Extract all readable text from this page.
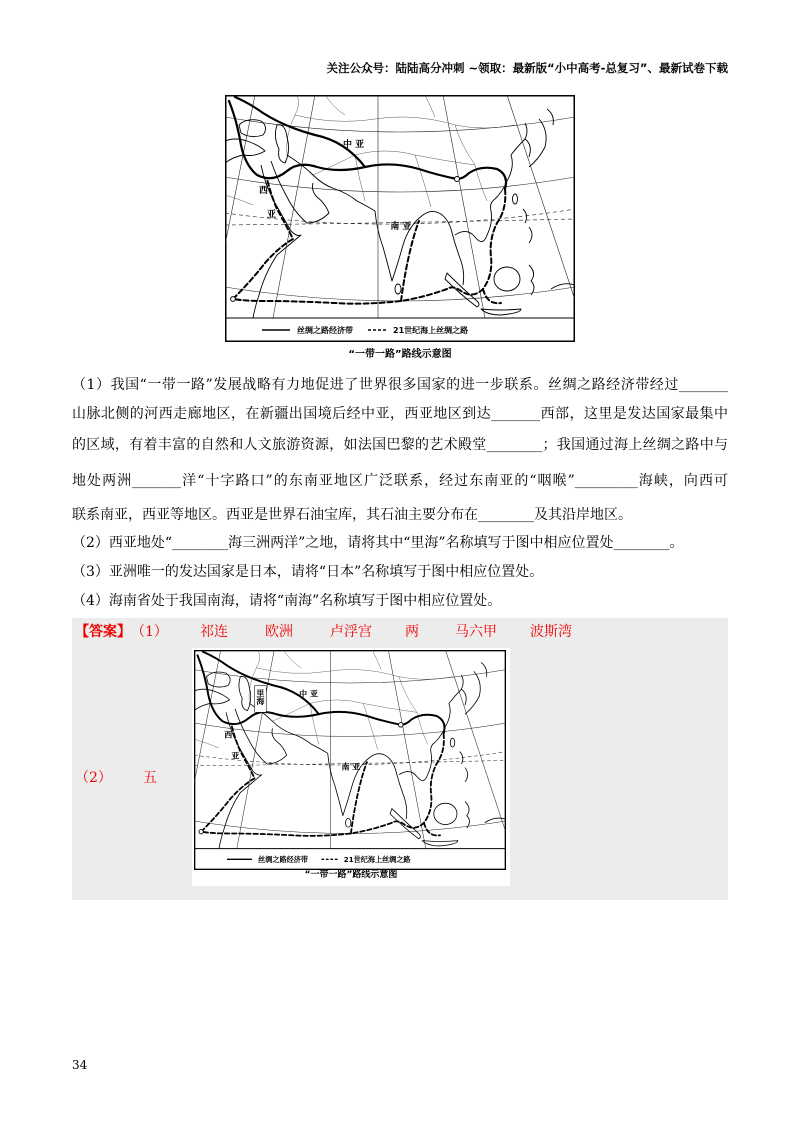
关注公众号：陆陆高分冲刺 ~领取：最新版“小中高考-总复习”、最新试卷下载
中 亚
西
亚
南 亚
丝绸之路经济带	21世纪海上丝绸之路
“一带一路”路线示意图
（1）我国“一带一路”发展战略有力地促进了世界很多国家的进一步联系。丝绸之路经济带经过_______
山脉北侧的河西走廊地区，在新疆出国境后经中亚，西亚地区到达_______西部，这里是发达国家最集中
的区域，有着丰富的自然和人文旅游资源，如法国巴黎的艺术殿堂________；我国通过海上丝绸之路中与
地处两洲_______洋“十字路口”的东南亚地区广泛联系，经过东南亚的“咽喉”_________海峡，向西可
联系南亚，西亚等地区。西亚是世界石油宝库，其石油主要分布在________及其沿岸地区。
（2）西亚地处“________海三洲两洋”之地，请将其中“里海”名称填写于图中相应位置处________。
（3）亚洲唯一的发达国家是日本，请将“日本”名称填写于图中相应位置处。
（4）海南省处于我国南海，请将“南海”名称填写于图中相应位置处。
【答案】 （1） 祁连	欧洲	卢浮宫 两	马六甲 波斯湾
（2） 五
中 亚
西
亚
南 亚
丝绸之路经济带	21世纪海上丝绸之路
里海
“一带一路”路线示意图
34
